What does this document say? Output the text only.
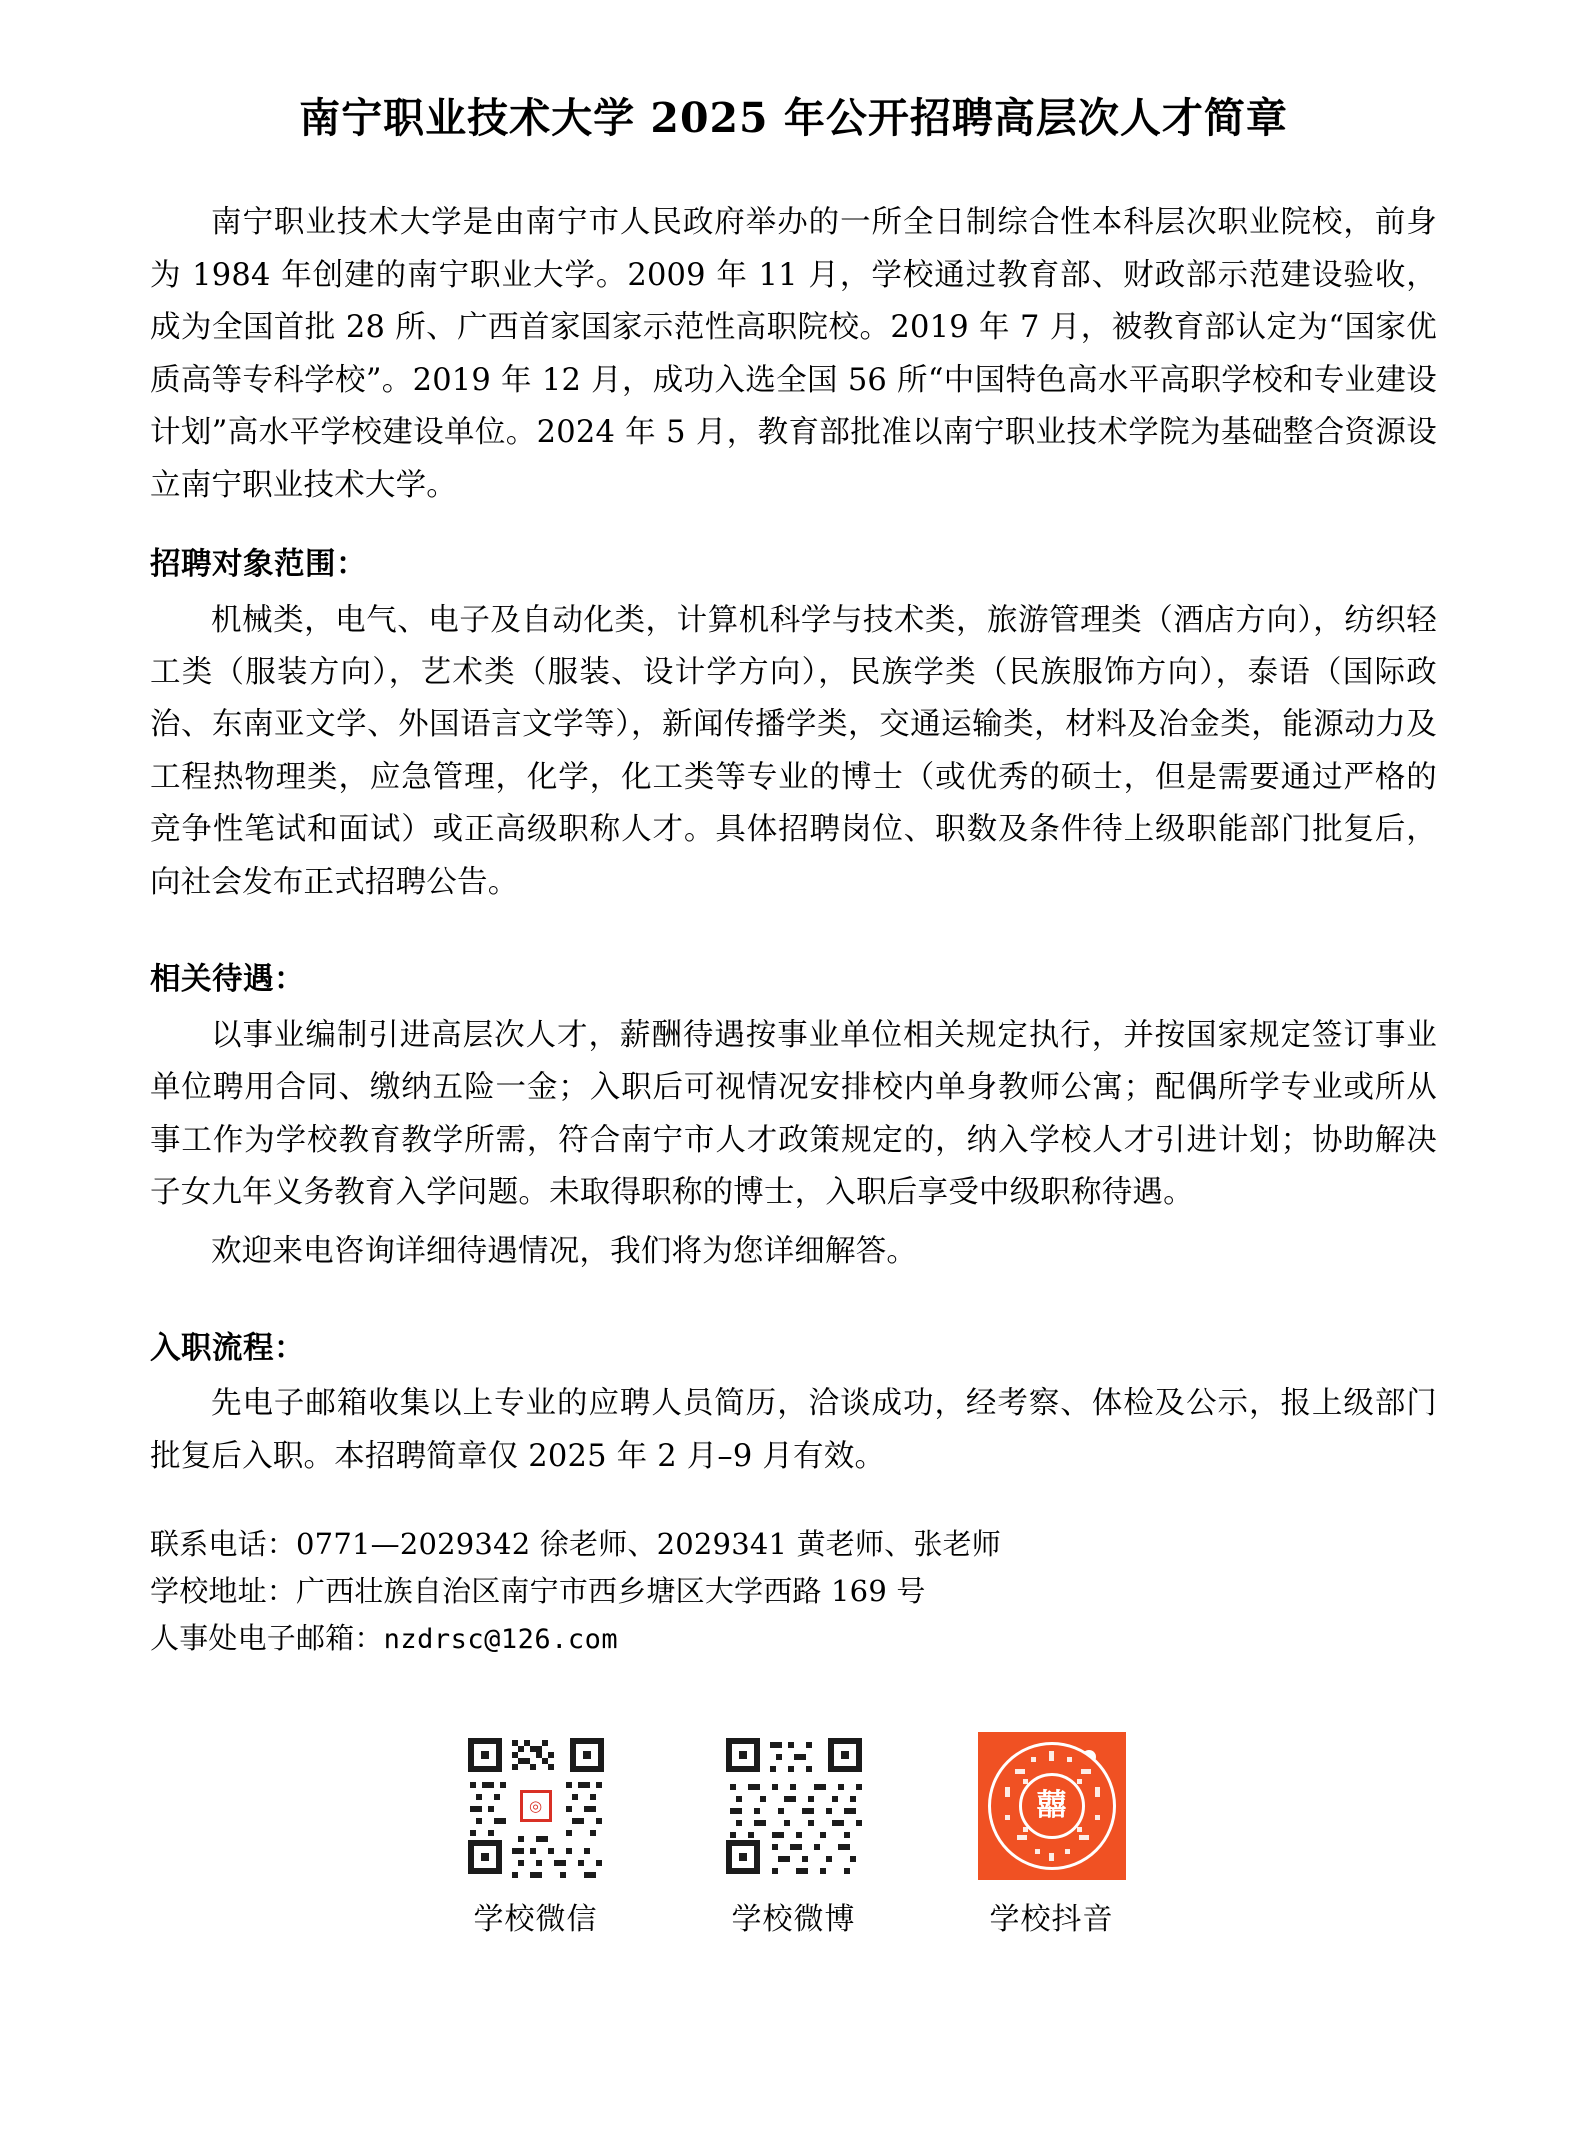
南宁职业技术大学 2025 年公开招聘高层次人才简章

南宁职业技术大学是由南宁市人民政府举办的一所全日制综合性本科层次职业院校，前身为 1984 年创建的南宁职业大学。2009 年 11 月，学校通过教育部、财政部示范建设验收，成为全国首批 28 所、广西首家国家示范性高职院校。2019 年 7 月，被教育部认定为“国家优质高等专科学校”。2019 年 12 月，成功入选全国 56 所“中国特色高水平高职学校和专业建设计划”高水平学校建设单位。2024 年 5 月，教育部批准以南宁职业技术学院为基础整合资源设立南宁职业技术大学。

招聘对象范围：

机械类，电气、电子及自动化类，计算机科学与技术类，旅游管理类（酒店方向），纺织轻工类（服装方向），艺术类（服装、设计学方向），民族学类（民族服饰方向），泰语（国际政治、东南亚文学、外国语言文学等），新闻传播学类，交通运输类，材料及冶金类，能源动力及工程热物理类，应急管理，化学，化工类等专业的博士（或优秀的硕士，但是需要通过严格的竞争性笔试和面试）或正高级职称人才。具体招聘岗位、职数及条件待上级职能部门批复后，向社会发布正式招聘公告。

相关待遇：

以事业编制引进高层次人才，薪酬待遇按事业单位相关规定执行，并按国家规定签订事业单位聘用合同、缴纳五险一金；入职后可视情况安排校内单身教师公寓；配偶所学专业或所从事工作为学校教育教学所需，符合南宁市人才政策规定的，纳入学校人才引进计划；协助解决子女九年义务教育入学问题。未取得职称的博士，入职后享受中级职称待遇。

欢迎来电咨询详细待遇情况，我们将为您详细解答。

入职流程：

先电子邮箱收集以上专业的应聘人员简历，洽谈成功，经考察、体检及公示，报上级部门批复后入职。本招聘简章仅 2025 年 2 月–9 月有效。

联系电话：0771—2029342 徐老师、2029341 黄老师、张老师
学校地址：广西壮族自治区南宁市西乡塘区大学西路 169 号
人事处电子邮箱：nzdrsc@126.com
◎
学校微信	学校微博
囍
学校抖音
